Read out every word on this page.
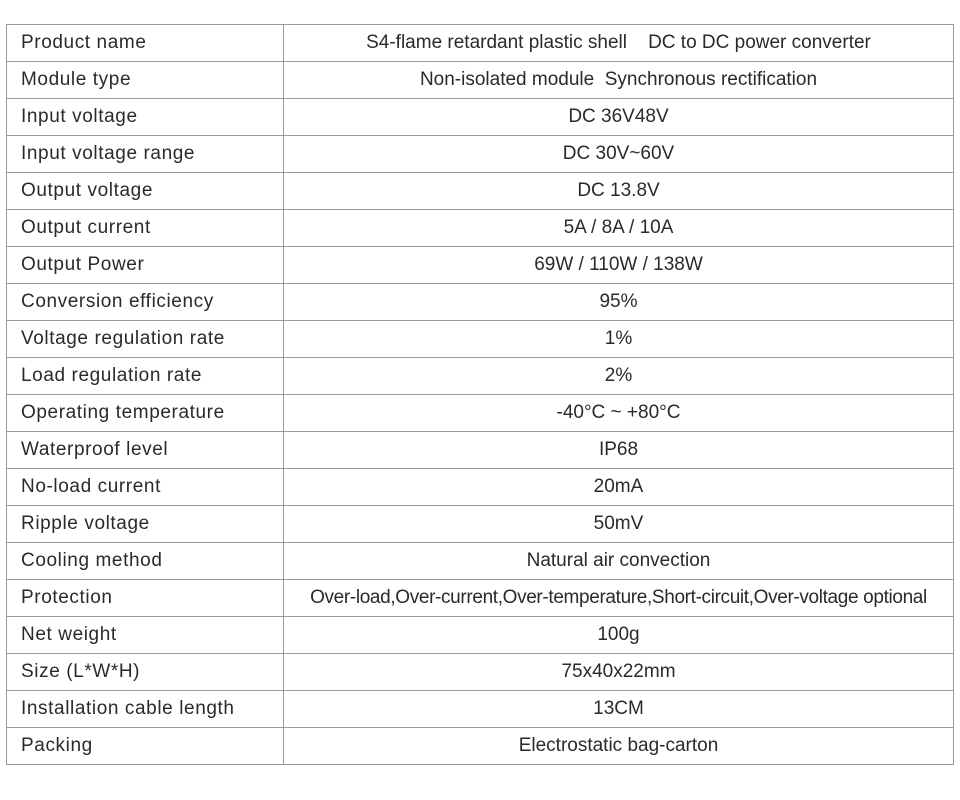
Product name	S4-flame retardant plastic shell    DC to DC power converter
Module type	Non-isolated module  Synchronous rectification
Input voltage	DC 36V48V
Input voltage range	DC 30V~60V
Output voltage	DC 13.8V
Output current	5A / 8A / 10A
Output Power	69W / 110W / 138W
Conversion efficiency	95%
Voltage regulation rate	1%
Load regulation rate	2%
Operating temperature	-40°C ~ +80°C
Waterproof level	IP68
No-load current	20mA
Ripple voltage	50mV
Cooling method	Natural air convection
Protection	Over-load,Over-current,Over-temperature,Short-circuit,Over-voltage optional
Net weight	100g
Size (L*W*H)	75x40x22mm
Installation cable length	13CM
Packing	Electrostatic bag-carton
